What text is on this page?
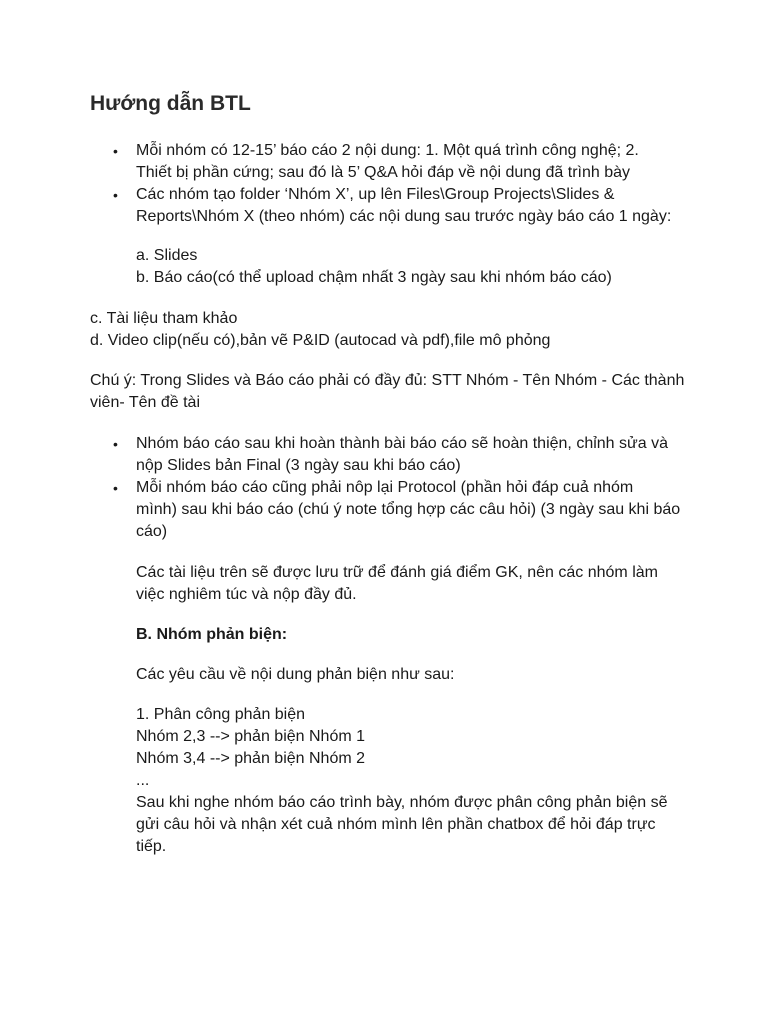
Hướng dẫn BTL
• Mỗi nhóm có 12-15’ báo cáo 2 nội dung: 1. Một quá trình công nghệ; 2.
Thiết bị phần cứng; sau đó là 5’ Q&A hỏi đáp về nội dung đã trình bày

• Các nhóm tạo folder ‘Nhóm X’, up lên Files\Group Projects\Slides &
Reports\Nhóm X (theo nhóm) các nội dung sau trước ngày báo cáo 1 ngày:

a. Slides
b. Báo cáo(có thể upload chậm nhất 3 ngày sau khi nhóm báo cáo)

c. Tài liệu tham khảo
d. Video clip(nếu có),bản vẽ P&ID (autocad và pdf),file mô phỏng

Chú ý: Trong Slides và Báo cáo phải có đầy đủ: STT Nhóm - Tên Nhóm - Các thành
viên- Tên đề tài

• Nhóm báo cáo sau khi hoàn thành bài báo cáo sẽ hoàn thiện, chỉnh sửa và
nộp Slides bản Final (3 ngày sau khi báo cáo)

• Mỗi nhóm báo cáo cũng phải nôp lại Protocol (phần hỏi đáp cuả nhóm
mình) sau khi báo cáo (chú ý note tổng hợp các câu hỏi) (3 ngày sau khi báo
cáo)

Các tài liệu trên sẽ được lưu trữ để đánh giá điểm GK, nên các nhóm làm
việc nghiêm túc và nộp đầy đủ.

B. Nhóm phản biện:

Các yêu cầu về nội dung phản biện như sau:

1. Phân công phản biện
Nhóm 2,3 --> phản biện Nhóm 1
Nhóm 3,4 --> phản biện Nhóm 2
...
Sau khi nghe nhóm báo cáo trình bày, nhóm được phân công phản biện sẽ
gửi câu hỏi và nhận xét cuả nhóm mình lên phần chatbox để hỏi đáp trực
tiếp.
